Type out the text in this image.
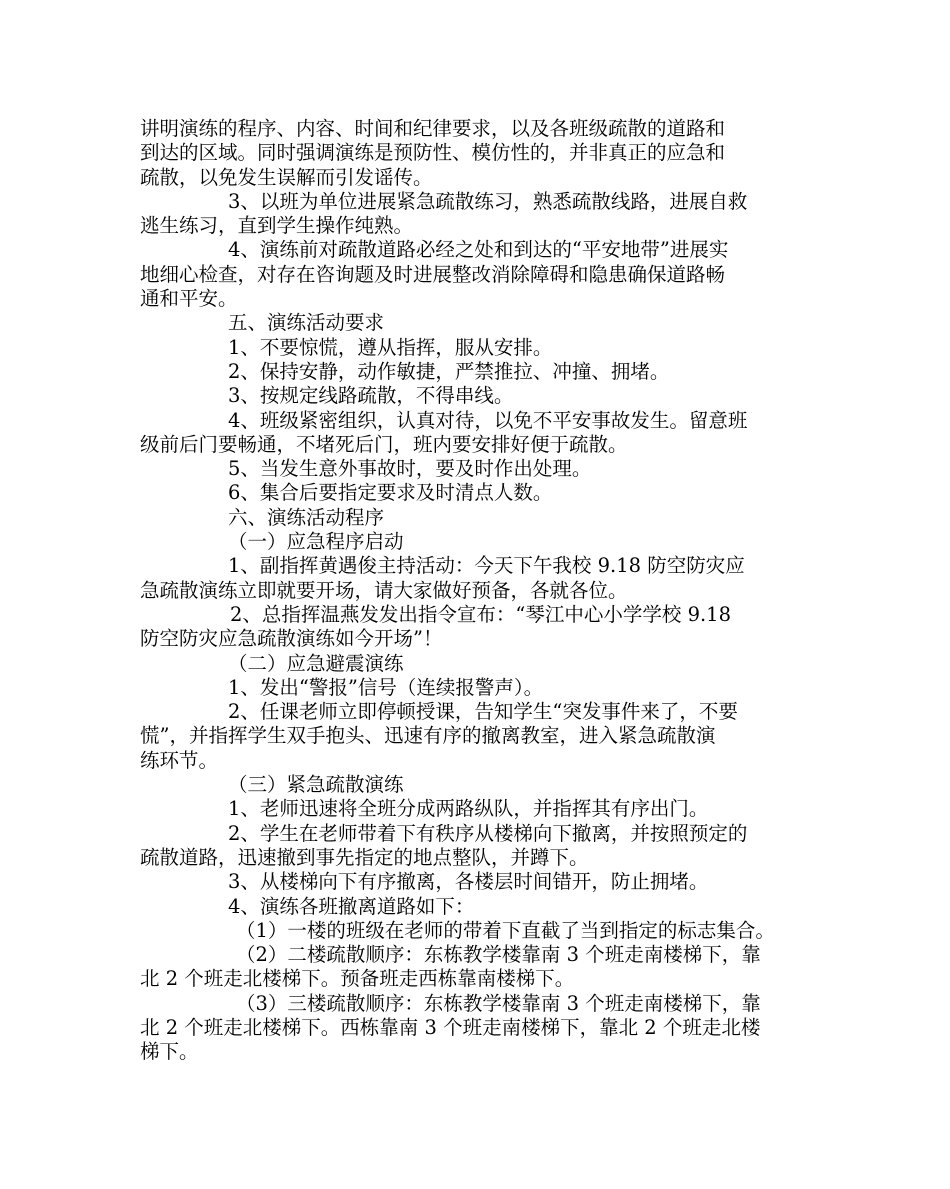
讲明演练的程序、内容、时间和纪律要求，以及各班级疏散的道路和
到达的区域。同时强调演练是预防性、模仿性的，并非真正的应急和
疏散，以免发生误解而引发谣传。
3、以班为单位进展紧急疏散练习，熟悉疏散线路，进展自救
逃生练习，直到学生操作纯熟。
4、演练前对疏散道路必经之处和到达的“平安地带”进展实
地细心检查，对存在咨询题及时进展整改消除障碍和隐患确保道路畅
通和平安。
五、演练活动要求
1、不要惊慌，遵从指挥，服从安排。
2、保持安静，动作敏捷，严禁推拉、冲撞、拥堵。
3、按规定线路疏散，不得串线。
4、班级紧密组织，认真对待，以免不平安事故发生。留意班
级前后门要畅通，不堵死后门，班内要安排好便于疏散。
5、当发生意外事故时，要及时作出处理。
6、集合后要指定要求及时清点人数。
六、演练活动程序
（一）应急程序启动
1、副指挥黄遇俊主持活动：今天下午我校 9.18 防空防灾应
急疏散演练立即就要开场，请大家做好预备，各就各位。
2、总指挥温燕发发出指令宣布：“琴江中心小学学校 9.18
防空防灾应急疏散演练如今开场”！
（二）应急避震演练
1、发出“警报”信号（连续报警声）。
2、任课老师立即停顿授课，告知学生“突发事件来了，不要
慌”，并指挥学生双手抱头、迅速有序的撤离教室，进入紧急疏散演
练环节。
（三）紧急疏散演练
1、老师迅速将全班分成两路纵队，并指挥其有序出门。
2、学生在老师带着下有秩序从楼梯向下撤离，并按照预定的
疏散道路，迅速撤到事先指定的地点整队，并蹲下。
3、从楼梯向下有序撤离，各楼层时间错开，防止拥堵。
4、演练各班撤离道路如下：
（1）一楼的班级在老师的带着下直截了当到指定的标志集合。
（2）二楼疏散顺序：东栋教学楼靠南 3 个班走南楼梯下，靠
北 2 个班走北楼梯下。预备班走西栋靠南楼梯下。
（3）三楼疏散顺序：东栋教学楼靠南 3 个班走南楼梯下，靠
北 2 个班走北楼梯下。西栋靠南 3 个班走南楼梯下，靠北 2 个班走北楼
梯下。
